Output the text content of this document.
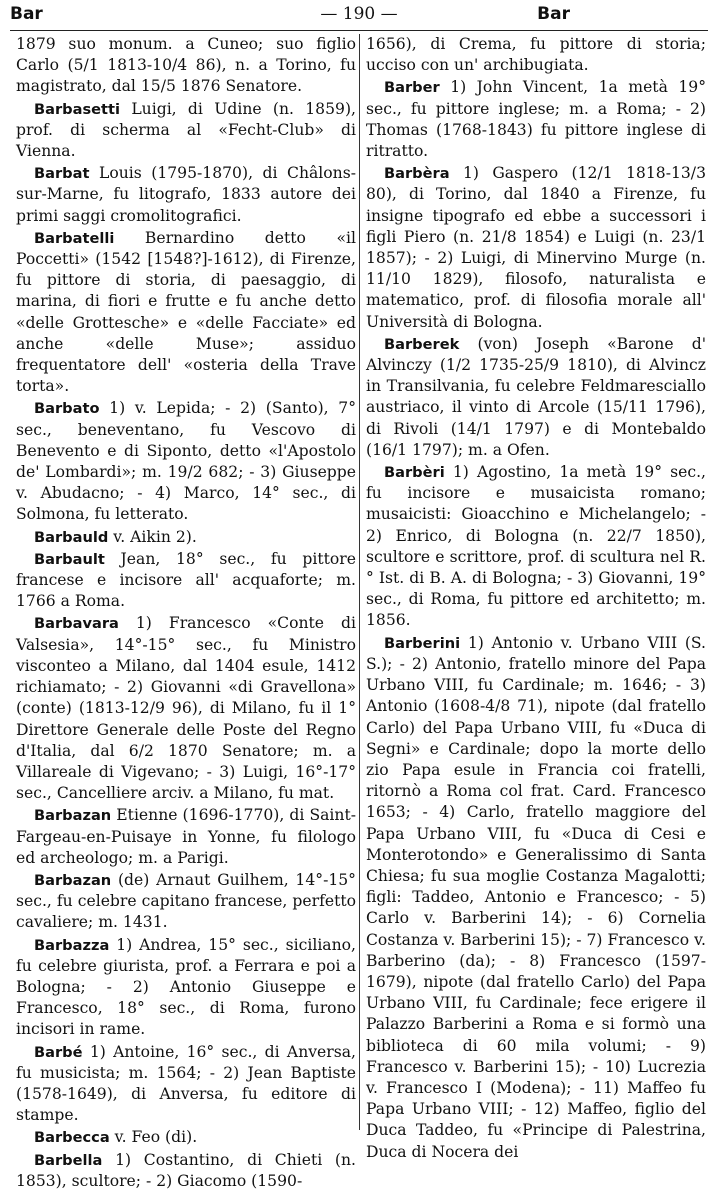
Bar	— 190 —	Bar

1879 suo monum. a Cuneo; suo figlio Carlo (5/1 1813-10/4 86), n. a Torino, fu magistrato, dal 15/5 1876 Senatore.

Barbasetti Luigi, di Udine (n. 1859), prof. di scherma al «Fecht-Club» di Vienna.

Barbat Louis (1795-1870), di Châlons-sur-Marne, fu litografo, 1833 autore dei primi saggi cromolitografici.

Barbatelli Bernardino detto «il Poccetti» (1542 [1548?]-1612), di Firenze, fu pittore di storia, di paesaggio, di marina, di fiori e frutte e fu anche detto «delle Grottesche» e «delle Facciate» ed anche «delle Muse»; assiduo frequentatore dell' «osteria della Trave torta».

Barbato 1) v. Lepida; - 2) (Santo), 7° sec., beneventano, fu Vescovo di Benevento e di Siponto, detto «l'Apostolo de' Lombardi»; m. 19/2 682; - 3) Giuseppe v. Abudacno; - 4) Marco, 14° sec., di Solmona, fu letterato.

Barbauld v. Aikin 2).

Barbault Jean, 18° sec., fu pittore francese e incisore all' acquaforte; m. 1766 a Roma.

Barbavara 1) Francesco «Conte di Valsesia», 14°-15° sec., fu Ministro visconteo a Milano, dal 1404 esule, 1412 richiamato; - 2) Giovanni «di Gravellona» (conte) (1813-12/9 96), di Milano, fu il 1° Direttore Generale delle Poste del Regno d'Italia, dal 6/2 1870 Senatore; m. a Villareale di Vigevano; - 3) Luigi, 16°-17° sec., Cancelliere arciv. a Milano, fu mat.

Barbazan Etienne (1696-1770), di Saint-Fargeau-en-Puisaye in Yonne, fu filologo ed archeologo; m. a Parigi.

Barbazan (de) Arnaut Guilhem, 14°-15° sec., fu celebre capitano francese, perfetto cavaliere; m. 1431.

Barbazza 1) Andrea, 15° sec., siciliano, fu celebre giurista, prof. a Ferrara e poi a Bologna; - 2) Antonio Giuseppe e Francesco, 18° sec., di Roma, furono incisori in rame.

Barbé 1) Antoine, 16° sec., di Anversa, fu musicista; m. 1564; - 2) Jean Baptiste (1578-1649), di Anversa, fu editore di stampe.

Barbecca v. Feo (di).

Barbella 1) Costantino, di Chieti (n. 1853), scultore; - 2) Giacomo (1590-

1656), di Crema, fu pittore di storia; ucciso con un' archibugiata.

Barber 1) John Vincent, 1a metà 19° sec., fu pittore inglese; m. a Roma; - 2) Thomas (1768-1843) fu pittore inglese di ritratto.

Barbèra 1) Gaspero (12/1 1818-13/3 80), di Torino, dal 1840 a Firenze, fu insigne tipografo ed ebbe a successori i figli Piero (n. 21/8 1854) e Luigi (n. 23/1 1857); - 2) Luigi, di Minervino Murge (n. 11/10 1829), filosofo, naturalista e matematico, prof. di filosofia morale all' Università di Bologna.

Barberek (von) Joseph «Barone d' Alvinczy (1/2 1735-25/9 1810), di Alvincz in Transilvania, fu celebre Feldmaresciallo austriaco, il vinto di Arcole (15/11 1796), di Rivoli (14/1 1797) e di Montebaldo (16/1 1797); m. a Ofen.

Barbèri 1) Agostino, 1a metà 19° sec., fu incisore e musaicista romano; musaicisti: Gioacchino e Michelangelo; - 2) Enrico, di Bologna (n. 22/7 1850), scultore e scrittore, prof. di scultura nel R.° Ist. di B. A. di Bologna; - 3) Giovanni, 19° sec., di Roma, fu pittore ed architetto; m. 1856.

Barberini 1) Antonio v. Urbano VIII (S. S.); - 2) Antonio, fratello minore del Papa Urbano VIII, fu Cardinale; m. 1646; - 3) Antonio (1608-4/8 71), nipote (dal fratello Carlo) del Papa Urbano VIII, fu «Duca di Segni» e Cardinale; dopo la morte dello zio Papa esule in Francia coi fratelli, ritornò a Roma col frat. Card. Francesco 1653; - 4) Carlo, fratello maggiore del Papa Urbano VIII, fu «Duca di Cesi e Monterotondo» e Generalissimo di Santa Chiesa; fu sua moglie Costanza Magalotti; figli: Taddeo, Antonio e Francesco; - 5) Carlo v. Barberini 14); - 6) Cornelia Costanza v. Barberini 15); - 7) Francesco v. Barberino (da); - 8) Francesco (1597-1679), nipote (dal fratello Carlo) del Papa Urbano VIII, fu Cardinale; fece erigere il Palazzo Barberini a Roma e si formò una biblioteca di 60 mila volumi; - 9) Francesco v. Barberini 15); - 10) Lucrezia v. Francesco I (Modena); - 11) Maffeo fu Papa Urbano VIII; - 12) Maffeo, figlio del Duca Taddeo, fu «Principe di Palestrina, Duca di Nocera dei
